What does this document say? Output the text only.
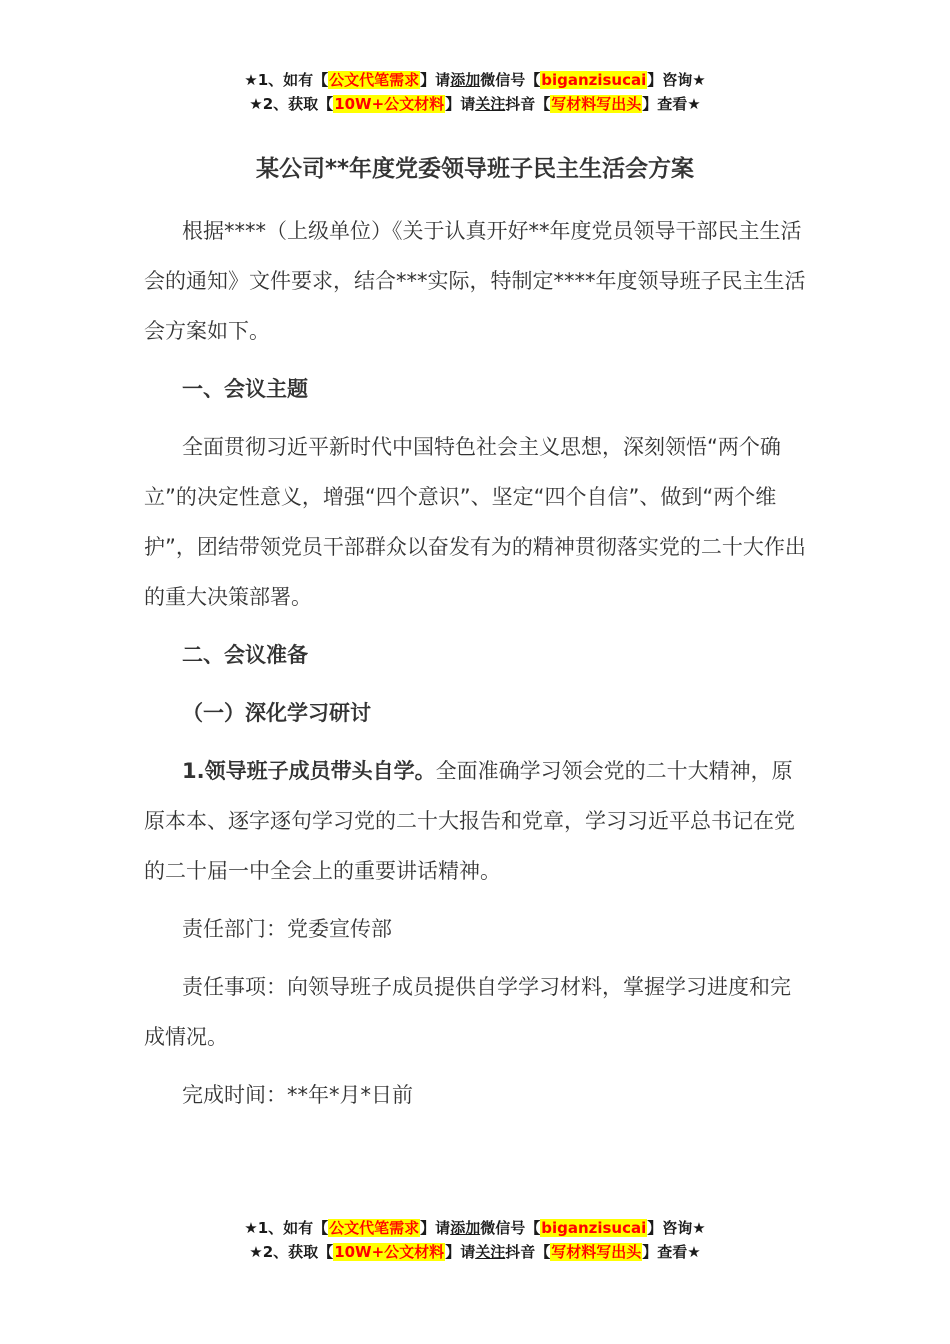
★1、如有【公文代笔需求】请添加微信号【biganzisucai】咨询★
★2、获取【10W+公文材料】请关注抖音【写材料写出头】查看★
某公司**年度党委领导班子民主生活会方案

根据****（上级单位）《关于认真开好**年度党员领导干部民主生活会的通知》文件要求，结合***实际，特制定****年度领导班子民主生活会方案如下。

一、会议主题

全面贯彻习近平新时代中国特色社会主义思想，深刻领悟“两个确立”的决定性意义，增强“四个意识”、坚定“四个自信”、做到“两个维护”，团结带领党员干部群众以奋发有为的精神贯彻落实党的二十大作出的重大决策部署。

二、会议准备

（一）深化学习研讨

1.领导班子成员带头自学。全面准确学习领会党的二十大精神，原原本本、逐字逐句学习党的二十大报告和党章，学习习近平总书记在党的二十届一中全会上的重要讲话精神。

责任部门：党委宣传部

责任事项：向领导班子成员提供自学学习材料，掌握学习进度和完成情况。

完成时间：**年*月*日前

★1、如有【公文代笔需求】请添加微信号【biganzisucai】咨询★
★2、获取【10W+公文材料】请关注抖音【写材料写出头】查看★
